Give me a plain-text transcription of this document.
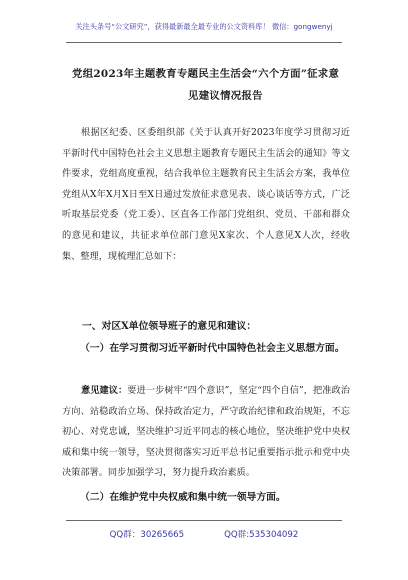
关注头条号“公文研究”，获得最新最全最专业的公文资料库！ 微信：gongwenyj
党组2023年主题教育专题民主生活会“六个方面”征求意
见建议情况报告

根据区纪委、区委组织部《关于认真开好2023年度学习贯彻习近平新时代中国特色社会主义思想主题教育专题民主生活会的通知》等文件要求，党组高度重视，结合我单位主题教育民主生活会方案，我单位党组从X年X月X日至X日通过发放征求意见表、谈心谈话等方式，广泛听取基层党委（党工委）、区直各工作部门党组织、党员、干部和群众的意见和建议，共征求单位部门意见X家次、个人意见X人次，经收集、整理，现梳理汇总如下：

一、对区X单位领导班子的意见和建议：

（一）在学习贯彻习近平新时代中国特色社会主义思想方面。

意见建议：要进一步树牢“四个意识”，坚定“四个自信”，把准政治方向、站稳政治立场、保持政治定力，严守政治纪律和政治规矩，不忘初心、对党忠诚，坚决维护习近平同志的核心地位，坚决维护党中央权威和集中统一领导，坚决贯彻落实习近平总书记重要指示批示和党中央决策部署。同步加强学习，努力提升政治素质。

（二）在维护党中央权威和集中统一领导方面。

QQ群：30265665	QQ群:535304092
